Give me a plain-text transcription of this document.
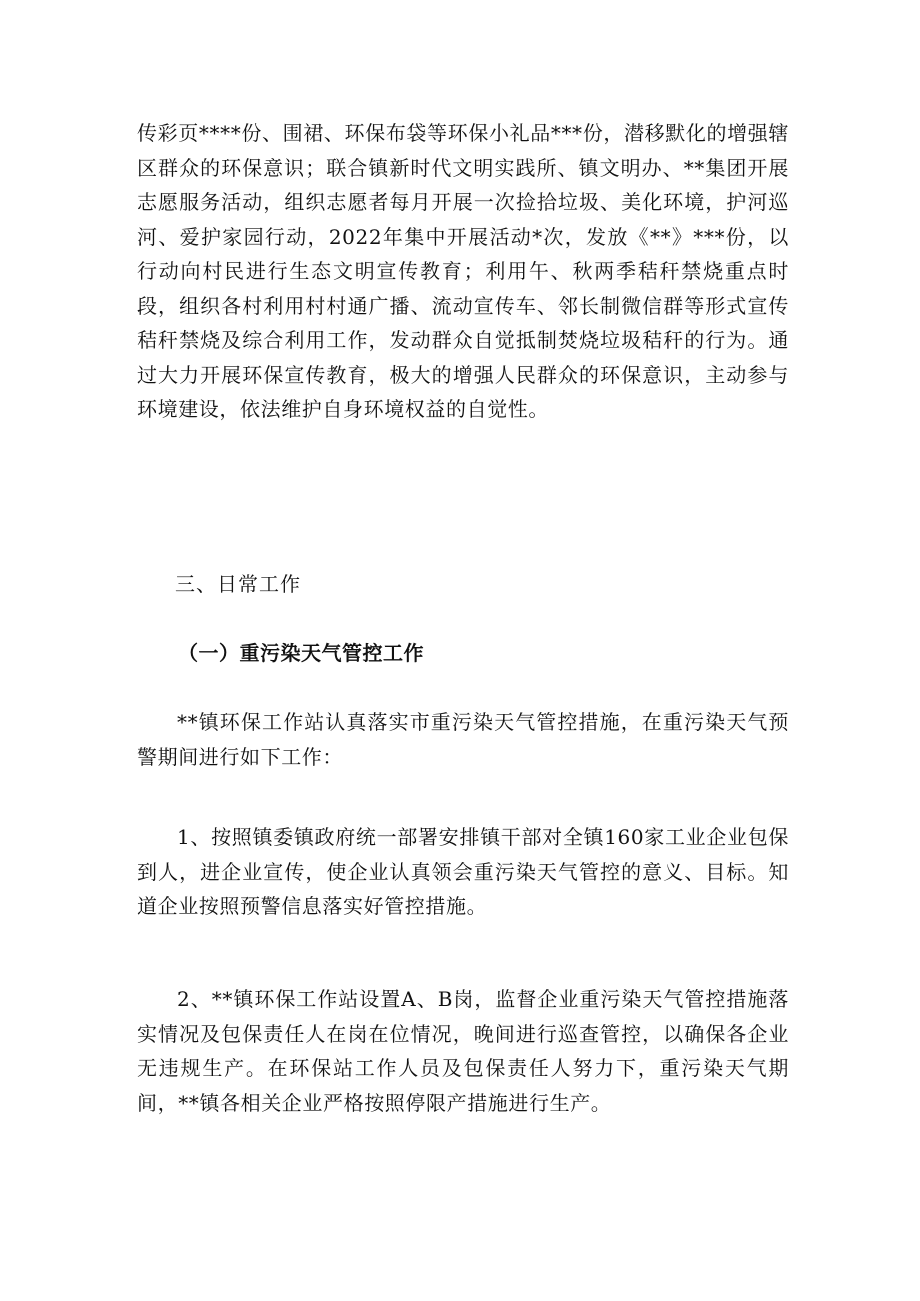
传彩页****份、围裙、环保布袋等环保小礼品***份，潜移默化的增强辖区群众的环保意识；联合镇新时代文明实践所、镇文明办、**集团开展志愿服务活动，组织志愿者每月开展一次捡拾垃圾、美化环境，护河巡河、爱护家园行动，2022年集中开展活动*次，发放《**》***份，以行动向村民进行生态文明宣传教育；利用午、秋两季秸秆禁烧重点时段，组织各村利用村村通广播、流动宣传车、邻长制微信群等形式宣传秸秆禁烧及综合利用工作，发动群众自觉抵制焚烧垃圾秸秆的行为。通过大力开展环保宣传教育，极大的增强人民群众的环保意识，主动参与环境建设，依法维护自身环境权益的自觉性。
三、日常工作
（一）重污染天气管控工作
**镇环保工作站认真落实市重污染天气管控措施，在重污染天气预警期间进行如下工作：
1、按照镇委镇政府统一部署安排镇干部对全镇160家工业企业包保到人，进企业宣传，使企业认真领会重污染天气管控的意义、目标。知道企业按照预警信息落实好管控措施。
2、**镇环保工作站设置A、B岗，监督企业重污染天气管控措施落实情况及包保责任人在岗在位情况，晚间进行巡查管控，以确保各企业无违规生产。在环保站工作人员及包保责任人努力下，重污染天气期间，**镇各相关企业严格按照停限产措施进行生产。
